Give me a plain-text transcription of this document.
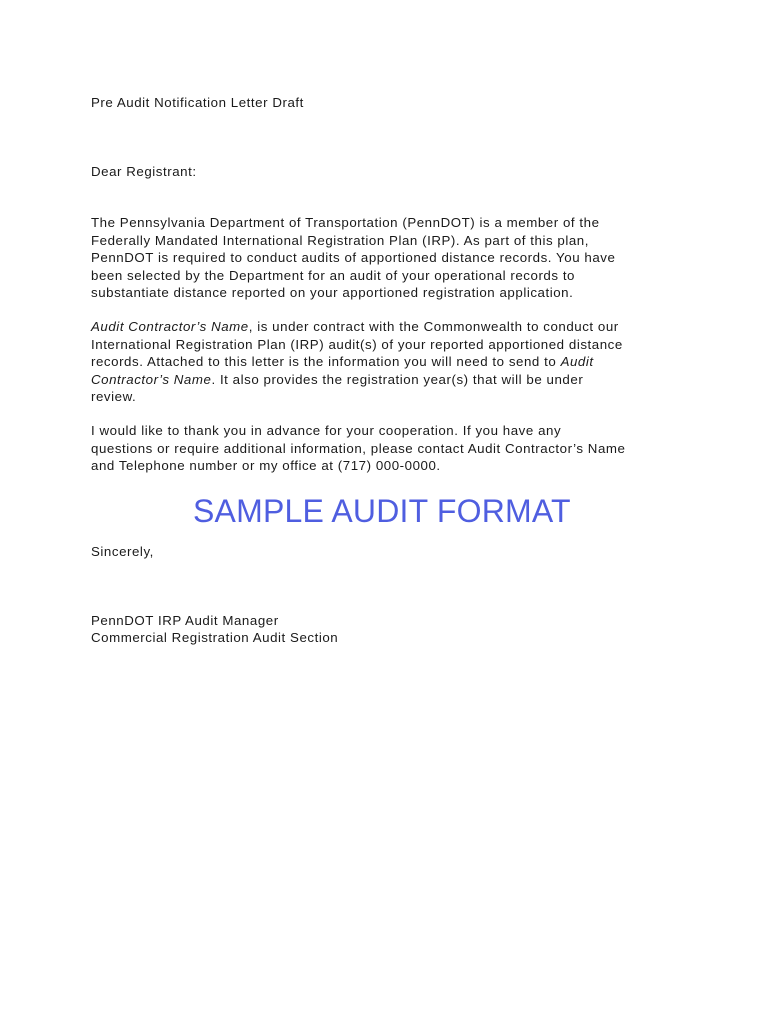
Pre Audit Notification Letter Draft
Dear Registrant:
The Pennsylvania Department of Transportation (PennDOT) is a member of the
Federally Mandated International Registration Plan (IRP). As part of this plan,
PennDOT is required to conduct audits of apportioned distance records. You have
been selected by the Department for an audit of your operational records to
substantiate distance reported on your apportioned registration application.
Audit Contractor’s Name, is under contract with the Commonwealth to conduct our
International Registration Plan (IRP) audit(s) of your reported apportioned distance
records. Attached to this letter is the information you will need to send to Audit
Contractor’s Name. It also provides the registration year(s) that will be under
review.
I would like to thank you in advance for your cooperation. If you have any
questions or require additional information, please contact Audit Contractor’s Name
and Telephone number or my office at (717) 000-0000.
SAMPLE AUDIT FORMAT
Sincerely,
PennDOT IRP Audit Manager
Commercial Registration Audit Section
